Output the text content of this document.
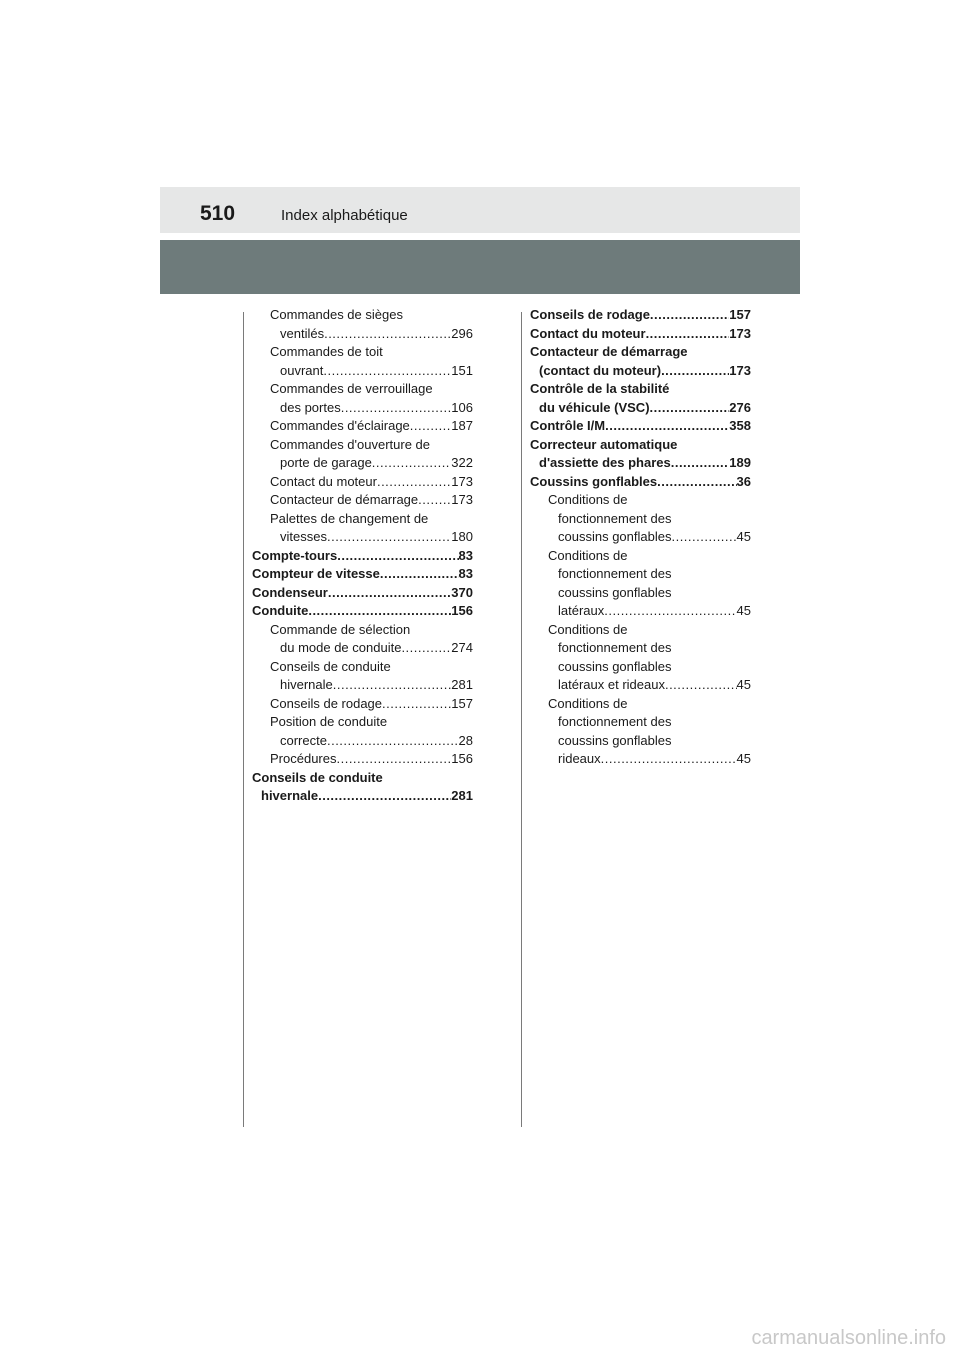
510	Index alphabétique
Commandes de sièges
ventilés .....	296
Commandes de toit
ouvrant .....	151
Commandes de verrouillage
des portes .....	106
Commandes d'éclairage .....	187
Commandes d'ouverture de
porte de garage .....	322
Contact du moteur .....	173
Contacteur de démarrage .....	173
Palettes de changement de
vitesses .....	180
Compte-tours .....	83
Compteur de vitesse .....	83
Condenseur .....	370
Conduite .....	156
Commande de sélection
du mode de conduite .....	274
Conseils de conduite
hivernale .....	281
Conseils de rodage .....	157
Position de conduite
correcte .....	28
Procédures .....	156
Conseils de conduite
hivernale .....	281
Conseils de rodage .....	157
Contact du moteur .....	173
Contacteur de démarrage
(contact du moteur) .....	173
Contrôle de la stabilité
du véhicule (VSC) .....	276
Contrôle I/M .....	358
Correcteur automatique
d'assiette des phares .....	189
Coussins gonflables .....	36
Conditions de
fonctionnement des
coussins gonflables .....	45
Conditions de
fonctionnement des
coussins gonflables
latéraux .....	45
Conditions de
fonctionnement des
coussins gonflables
latéraux et rideaux .....	45
Conditions de
fonctionnement des
coussins gonflables
rideaux .....	45
carmanualsonline.info
